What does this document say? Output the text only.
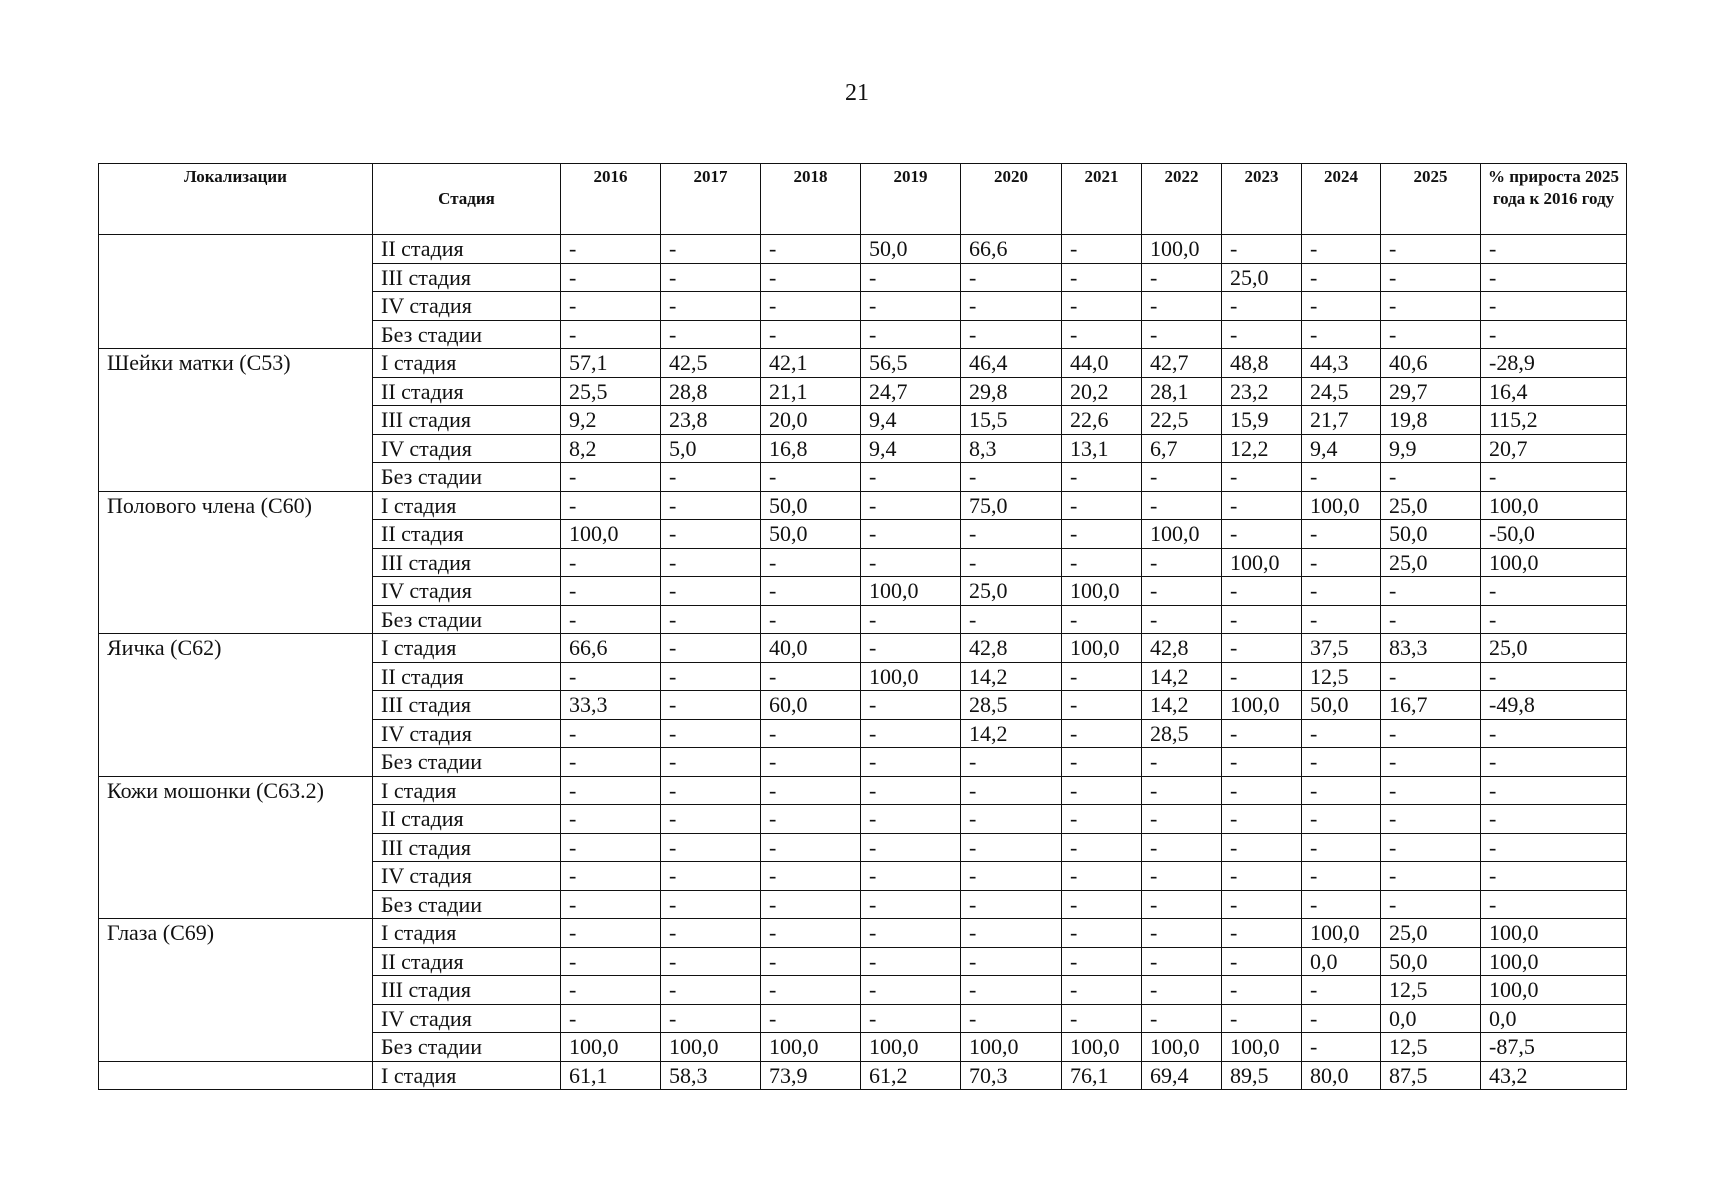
21
Локализации	Стадия	2016	2017	2018	2019	2020	2021	2022	2023	2024	2025	% прироста 2025 года к 2016 году
	II стадия	-	-	-	50,0	66,6	-	100,0	-	-	-	-
	III стадия	-	-	-	-	-	-	-	25,0	-	-	-
	IV стадия	-	-	-	-	-	-	-	-	-	-	-
	Без стадии	-	-	-	-	-	-	-	-	-	-	-
Шейки матки (С53)	I стадия	57,1	42,5	42,1	56,5	46,4	44,0	42,7	48,8	44,3	40,6	-28,9
	II стадия	25,5	28,8	21,1	24,7	29,8	20,2	28,1	23,2	24,5	29,7	16,4
	III стадия	9,2	23,8	20,0	9,4	15,5	22,6	22,5	15,9	21,7	19,8	115,2
	IV стадия	8,2	5,0	16,8	9,4	8,3	13,1	6,7	12,2	9,4	9,9	20,7
	Без стадии	-	-	-	-	-	-	-	-	-	-	-
Полового члена (С60)	I стадия	-	-	50,0	-	75,0	-	-	-	100,0	25,0	100,0
	II стадия	100,0	-	50,0	-	-	-	100,0	-	-	50,0	-50,0
	III стадия	-	-	-	-	-	-	-	100,0	-	25,0	100,0
	IV стадия	-	-	-	100,0	25,0	100,0	-	-	-	-	-
	Без стадии	-	-	-	-	-	-	-	-	-	-	-
Яичка (С62)	I стадия	66,6	-	40,0	-	42,8	100,0	42,8	-	37,5	83,3	25,0
	II стадия	-	-	-	100,0	14,2	-	14,2	-	12,5	-	-
	III стадия	33,3	-	60,0	-	28,5	-	14,2	100,0	50,0	16,7	-49,8
	IV стадия	-	-	-	-	14,2	-	28,5	-	-	-	-
	Без стадии	-	-	-	-	-	-	-	-	-	-	-
Кожи мошонки (С63.2)	I стадия	-	-	-	-	-	-	-	-	-	-	-
	II стадия	-	-	-	-	-	-	-	-	-	-	-
	III стадия	-	-	-	-	-	-	-	-	-	-	-
	IV стадия	-	-	-	-	-	-	-	-	-	-	-
	Без стадии	-	-	-	-	-	-	-	-	-	-	-
Глаза (С69)	I стадия	-	-	-	-	-	-	-	-	100,0	25,0	100,0
	II стадия	-	-	-	-	-	-	-	-	0,0	50,0	100,0
	III стадия	-	-	-	-	-	-	-	-	-	12,5	100,0
	IV стадия	-	-	-	-	-	-	-	-	-	0,0	0,0
	Без стадии	100,0	100,0	100,0	100,0	100,0	100,0	100,0	100,0	-	12,5	-87,5
	I стадия	61,1	58,3	73,9	61,2	70,3	76,1	69,4	89,5	80,0	87,5	43,2
